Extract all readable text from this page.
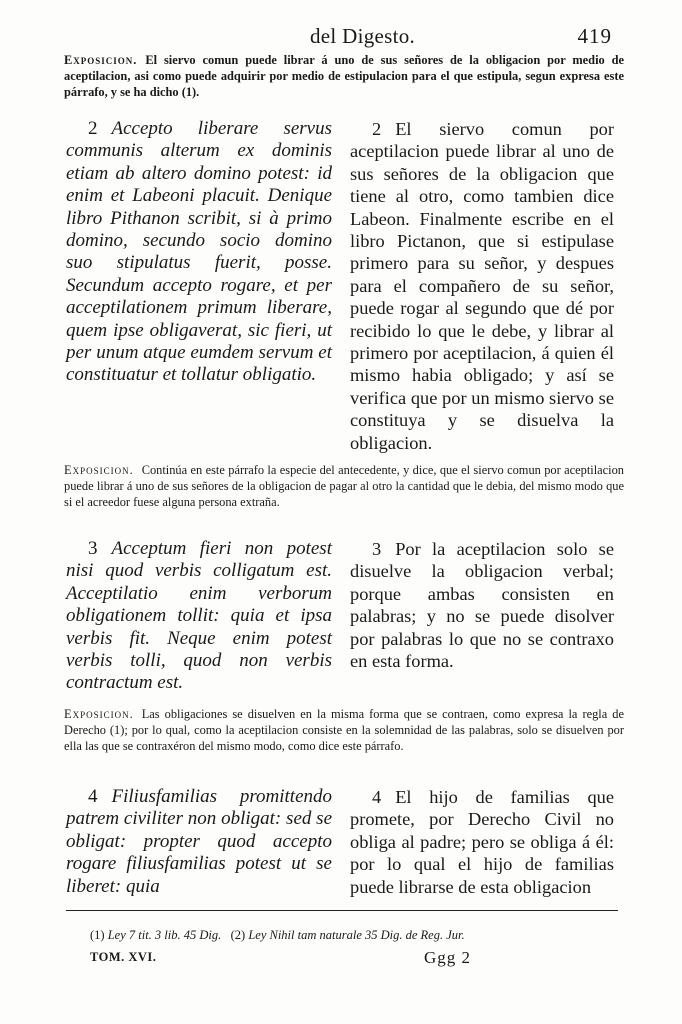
del Digesto.	419

Exposicion. El siervo comun puede librar á uno de sus señores de la obligacion por medio de aceptilacion, asi como puede adquirir por medio de estipulacion para el que estipula, segun expresa este párrafo, y se ha dicho (1).

2 Accepto liberare servus communis alterum ex dominis etiam ab altero domino potest: id enim et Labeoni placuit. Denique libro Pithanon scribit, si à primo domino, secundo socio domino suo stipulatus fuerit, posse. Secundum accepto rogare, et per acceptilationem primum liberare, quem ipse obligaverat, sic fieri, ut per unum atque eumdem servum et constituatur et tollatur obligatio.
2 El siervo comun por aceptilacion puede librar al uno de sus señores de la obligacion que tiene al otro, como tambien dice Labeon. Finalmente escribe en el libro Pictanon, que si estipulase primero para su señor, y despues para el compañero de su señor, puede rogar al segundo que dé por recibido lo que le debe, y librar al primero por aceptilacion, á quien él mismo habia obligado; y así se verifica que por un mismo siervo se constituya y se disuelva la obligacion.

Exposicion. Continúa en este párrafo la especie del antecedente, y dice, que el siervo comun por aceptilacion puede librar á uno de sus señores de la obligacion de pagar al otro la cantidad que le debia, del mismo modo que si el acreedor fuese alguna persona extraña.

3 Acceptum fieri non potest nisi quod verbis colligatum est. Acceptilatio enim verborum obligationem tollit: quia et ipsa verbis fit. Neque enim potest verbis tolli, quod non verbis contractum est.
3 Por la aceptilacion solo se disuelve la obligacion verbal; porque ambas consisten en palabras; y no se puede disolver por palabras lo que no se contraxo en esta forma.

Exposicion. Las obligaciones se disuelven en la misma forma que se contraen, como expresa la regla de Derecho (1); por lo qual, como la aceptilacion consiste en la solemnidad de las palabras, solo se disuelven por ella las que se contraxéron del mismo modo, como dice este párrafo.

4 Filiusfamilias promittendo patrem civiliter non obligat: sed se obligat: propter quod accepto rogare filiusfamilias potest ut se liberet: quia
4 El hijo de familias que promete, por Derecho Civil no obliga al padre; pero se obliga á él: por lo qual el hijo de familias puede librarse de esta obligacion
(1) Ley 7 tit. 3 lib. 45 Dig. (2) Ley Nihil tam naturale 35 Dig. de Reg. Jur.
TOM. XVI.	Ggg 2
